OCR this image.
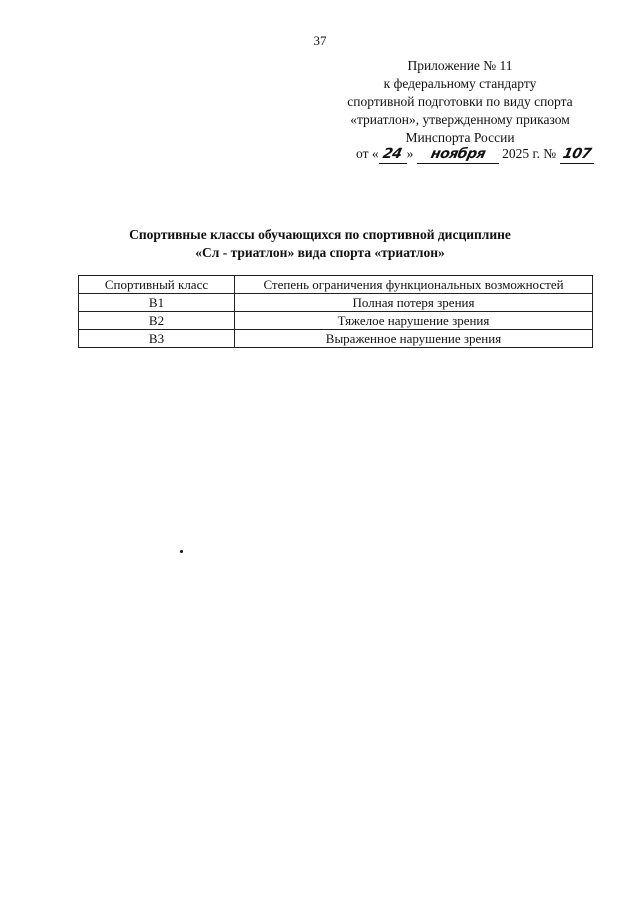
37
Приложение № 11
к федеральному стандарту
спортивной подготовки по виду спорта
«триатлон», утвержденному приказом
Минспорта России
от « 24 » ноября 2025 г. № 107
Спортивные классы обучающихся по спортивной дисциплине
«Сл - триатлон» вида спорта «триатлон»
Спортивный класс	Степень ограничения функциональных возможностей
B1	Полная потеря зрения
B2	Тяжелое нарушение зрения
B3	Выраженное нарушение зрения
